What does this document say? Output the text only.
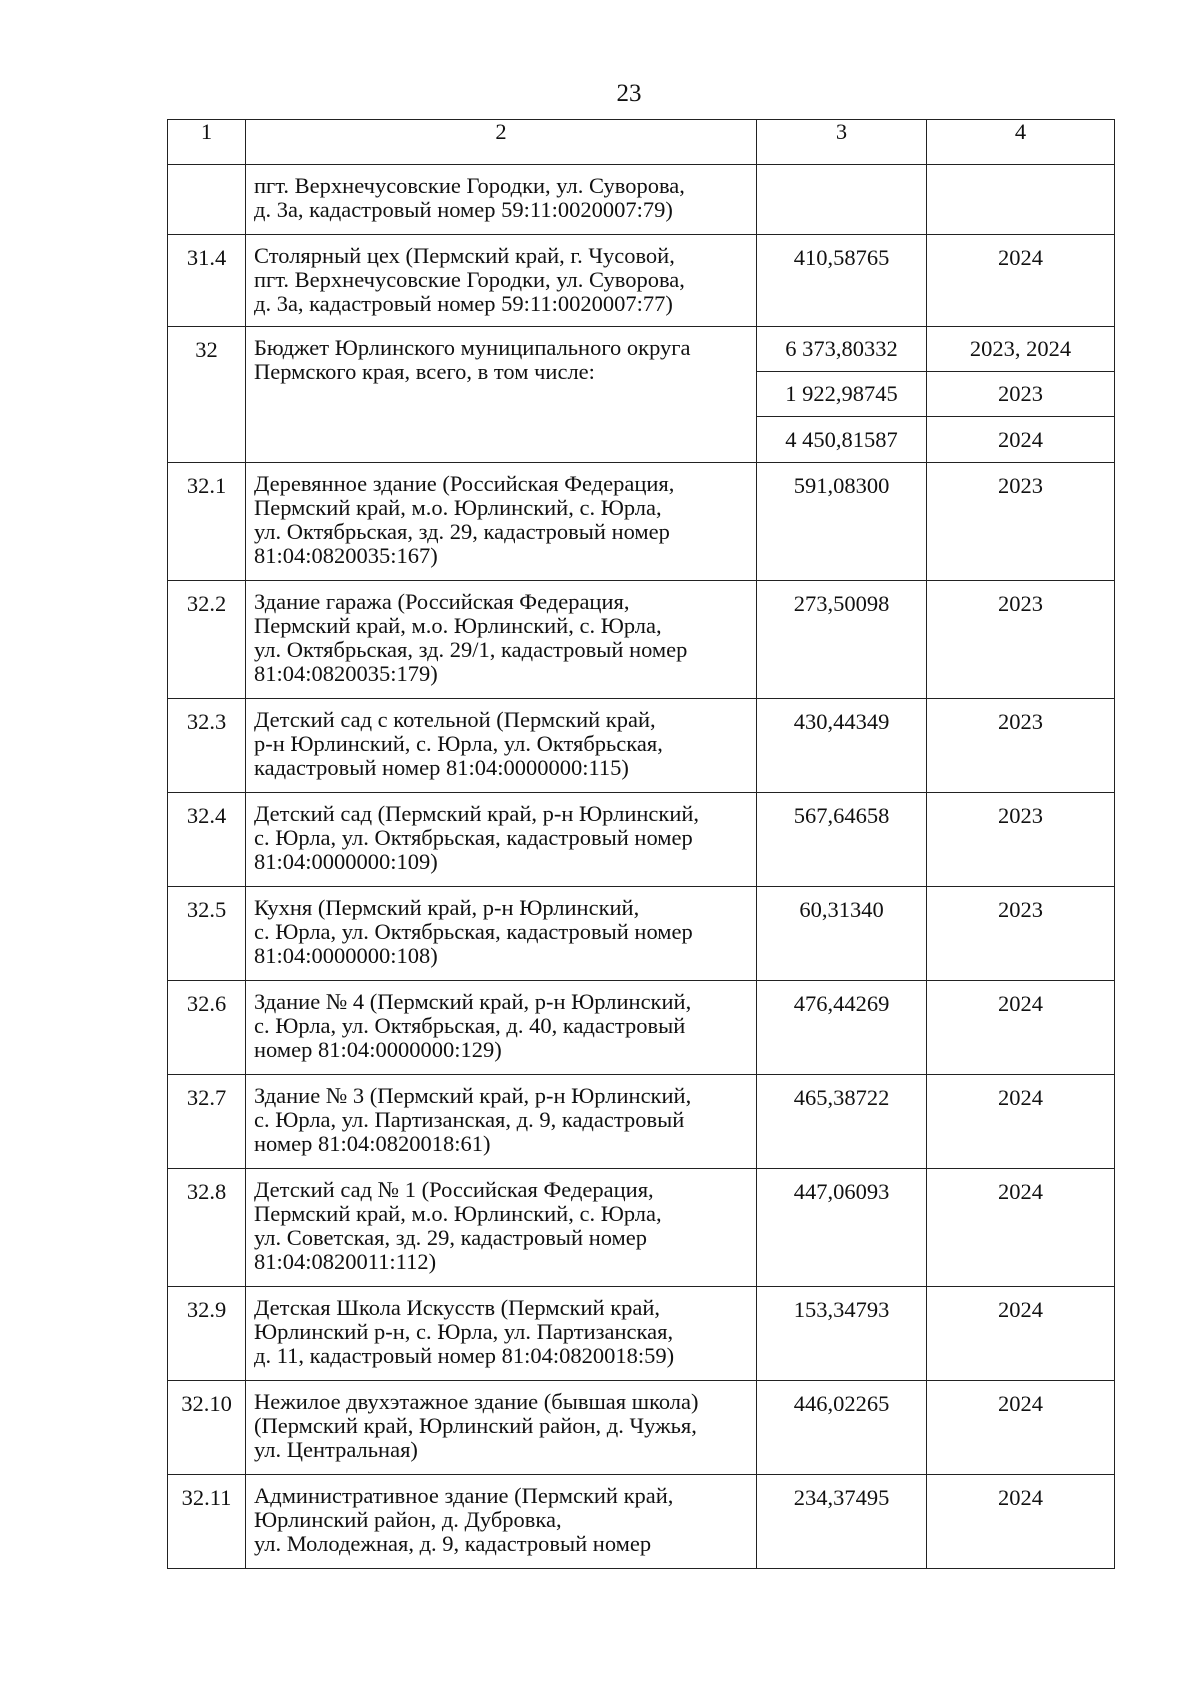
23
1	2	3	4

	пгт. Верхнечусовские Городки, ул. Суворова,
д. 3а, кадастровый номер 59:11:0020007:79)		

31.4	Столярный цех (Пермский край, г. Чусовой,
пгт. Верхнечусовские Городки, ул. Суворова,
д. 3а, кадастровый номер 59:11:0020007:77)	410,58765	2024
32	Бюджет Юрлинского муниципального округа
Пермского края, всего, в том числе:	6 373,80332	2023, 2024
		1 922,98745	2023
		4 450,81587	2024
32.1	Деревянное здание (Российская Федерация,
Пермский край, м.о. Юрлинский, с. Юрла,
ул. Октябрьская, зд. 29, кадастровый номер
81:04:0820035:167)	591,08300	2023
32.2	Здание гаража (Российская Федерация,
Пермский край, м.о. Юрлинский, с. Юрла,
ул. Октябрьская, зд. 29/1, кадастровый номер
81:04:0820035:179)	273,50098	2023
32.3	Детский сад с котельной (Пермский край,
р-н Юрлинский, с. Юрла, ул. Октябрьская,
кадастровый номер 81:04:0000000:115)	430,44349	2023
32.4	Детский сад (Пермский край, р-н Юрлинский,
с. Юрла, ул. Октябрьская, кадастровый номер
81:04:0000000:109)	567,64658	2023
32.5	Кухня (Пермский край, р-н Юрлинский,
с. Юрла, ул. Октябрьская, кадастровый номер
81:04:0000000:108)	60,31340	2023
32.6	Здание № 4 (Пермский край, р-н Юрлинский,
с. Юрла, ул. Октябрьская, д. 40, кадастровый
номер 81:04:0000000:129)	476,44269	2024
32.7	Здание № 3 (Пермский край, р-н Юрлинский,
с. Юрла, ул. Партизанская, д. 9, кадастровый
номер 81:04:0820018:61)	465,38722	2024
32.8	Детский сад № 1 (Российская Федерация,
Пермский край, м.о. Юрлинский, с. Юрла,
ул. Советская, зд. 29, кадастровый номер
81:04:0820011:112)	447,06093	2024
32.9	Детская Школа Искусств (Пермский край,
Юрлинский р-н, с. Юрла, ул. Партизанская,
д. 11, кадастровый номер 81:04:0820018:59)	153,34793	2024
32.10	Нежилое двухэтажное здание (бывшая школа)
(Пермский край, Юрлинский район, д. Чужья,
ул. Центральная)	446,02265	2024
32.11	Административное здание (Пермский край,
Юрлинский район, д. Дубровка,
ул. Молодежная, д. 9, кадастровый номер	234,37495	2024
